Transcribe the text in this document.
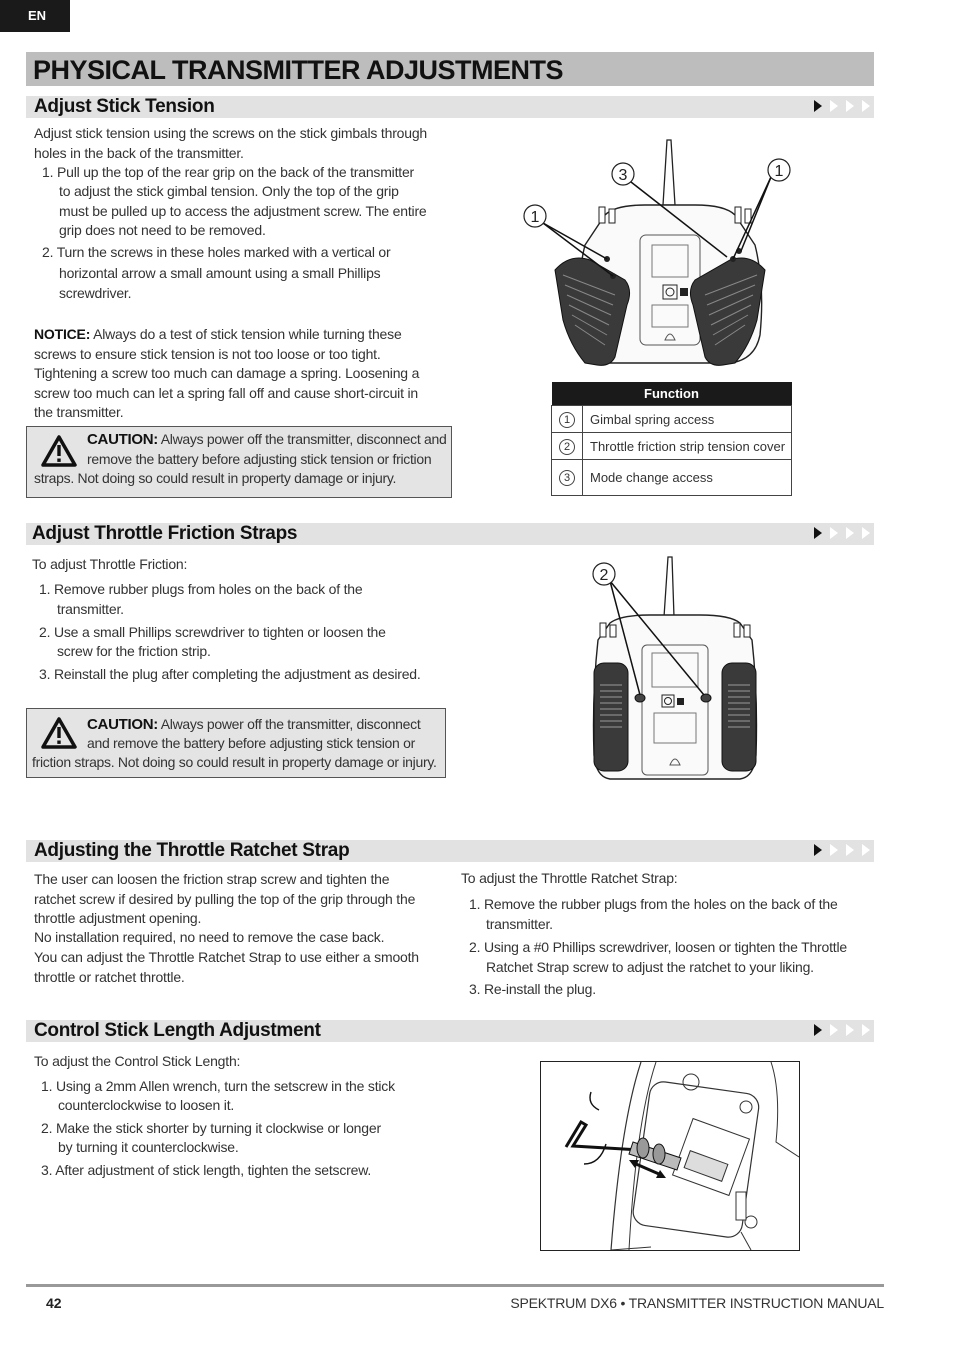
EN
PHYSICAL TRANSMITTER ADJUSTMENTS
Adjust Stick Tension
Adjust stick tension using the screws on the stick gimbals through holes in the back of the transmitter.
1. Pull up the top of the rear grip on the back of the transmitter
to adjust the stick gimbal tension. Only the top of the grip
must be pulled up to access the adjustment screw. The entire
grip does not need to be removed.
2. Turn the screws in these holes marked with a vertical or
horizontal arrow a small amount using a small Phillips
screwdriver.
NOTICE: Always do a test of stick tension while turning these screws to ensure stick tension is not too loose or too tight. Tightening a screw too much can damage a spring. Loosening a screw too much can let a spring fall off and cause short-circuit in the transmitter.
CAUTION: Always power off the transmitter, disconnect and
remove the battery before adjusting stick tension or friction
straps. Not doing so could result in property damage or injury.
3	1
1
Function	
1	Gimbal spring access
2	Throttle friction strip tension cover
3	Mode change access
Adjust Throttle Friction Straps
To adjust Throttle Friction:
1. Remove rubber plugs from holes on the back of the
transmitter.
2. Use a small Phillips screwdriver to tighten or loosen the
screw for the friction strip.
3. Reinstall the plug after completing the adjustment as desired.
CAUTION: Always power off the transmitter, disconnect
and remove the battery before adjusting stick tension or
friction straps. Not doing so could result in property damage or injury.
2
Adjusting the Throttle Ratchet Strap
The user can loosen the friction strap screw and tighten the ratchet screw if desired by pulling the top of the grip through the throttle adjustment opening.
No installation required, no need to remove the case back.
You can adjust the Throttle Ratchet Strap to use either a smooth throttle or ratchet throttle.
To adjust the Throttle Ratchet Strap:
1. Remove the rubber plugs from the holes on the back of the
transmitter.
2. Using a #0 Phillips screwdriver, loosen or tighten the Throttle
Ratchet Strap screw to adjust the ratchet to your liking.
3. Re-install the plug.
Control Stick Length Adjustment
To adjust the Control Stick Length:
1. Using a 2mm Allen wrench, turn the setscrew in the stick
counterclockwise to loosen it.
2. Make the stick shorter by turning it clockwise or longer
by turning it counterclockwise.
3. After adjustment of stick length, tighten the setscrew.
42	SPEKTRUM DX6 • TRANSMITTER INSTRUCTION MANUAL
